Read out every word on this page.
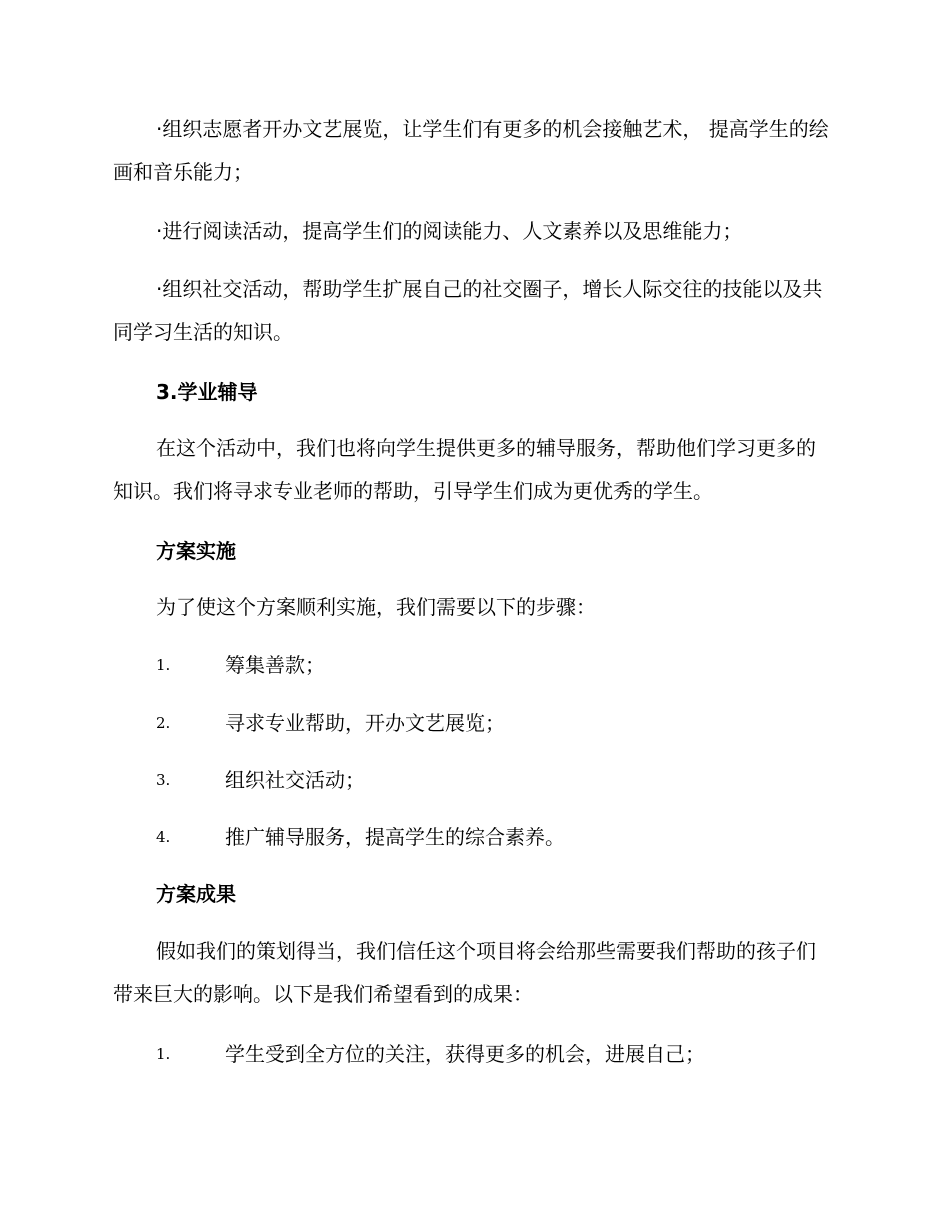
·组织志愿者开办文艺展览，让学生们有更多的机会接触艺术， 提高学生的绘画和音乐能力；

·进行阅读活动，提高学生们的阅读能力、人文素养以及思维能力；

·组织社交活动，帮助学生扩展自己的社交圈子，增长人际交往的技能以及共同学习生活的知识。

3.学业辅导

在这个活动中，我们也将向学生提供更多的辅导服务，帮助他们学习更多的知识。我们将寻求专业老师的帮助，引导学生们成为更优秀的学生。

方案实施

为了使这个方案顺利实施，我们需要以下的步骤：

1.	筹集善款；
2.	寻求专业帮助，开办文艺展览；
3.	组织社交活动；
4.	推广辅导服务，提高学生的综合素养。
方案成果

假如我们的策划得当，我们信任这个项目将会给那些需要我们帮助的孩子们带来巨大的影响。以下是我们希望看到的成果：

1.	学生受到全方位的关注，获得更多的机会，进展自己；
